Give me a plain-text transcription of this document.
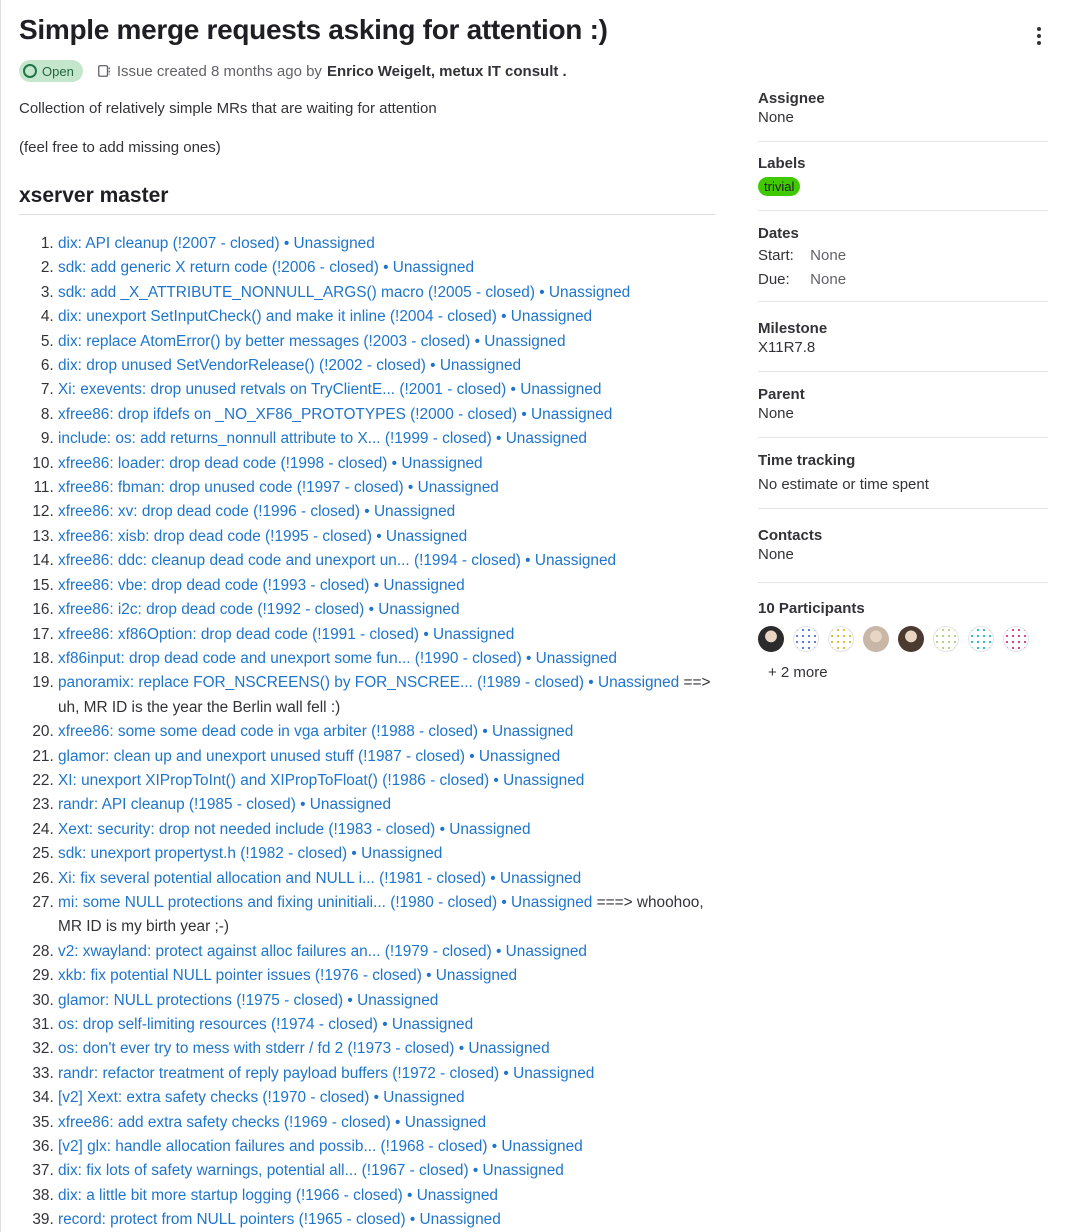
Simple merge requests asking for attention :)
Open	Issue created 8 months ago by Enrico Weigelt, metux IT consult .

Collection of relatively simple MRs that are waiting for attention

(feel free to add missing ones)

xserver master
1. dix: API cleanup (!2007 - closed) • Unassigned
2. sdk: add generic X return code (!2006 - closed) • Unassigned
3. sdk: add _X_ATTRIBUTE_NONNULL_ARGS() macro (!2005 - closed) • Unassigned
4. dix: unexport SetInputCheck() and make it inline (!2004 - closed) • Unassigned
5. dix: replace AtomError() by better messages (!2003 - closed) • Unassigned
6. dix: drop unused SetVendorRelease() (!2002 - closed) • Unassigned
7. Xi: exevents: drop unused retvals on TryClientE... (!2001 - closed) • Unassigned
8. xfree86: drop ifdefs on _NO_XF86_PROTOTYPES (!2000 - closed) • Unassigned
9. include: os: add returns_nonnull attribute to X... (!1999 - closed) • Unassigned
10. xfree86: loader: drop dead code (!1998 - closed) • Unassigned
11. xfree86: fbman: drop unused code (!1997 - closed) • Unassigned
12. xfree86: xv: drop dead code (!1996 - closed) • Unassigned
13. xfree86: xisb: drop dead code (!1995 - closed) • Unassigned
14. xfree86: ddc: cleanup dead code and unexport un... (!1994 - closed) • Unassigned
15. xfree86: vbe: drop dead code (!1993 - closed) • Unassigned
16. xfree86: i2c: drop dead code (!1992 - closed) • Unassigned
17. xfree86: xf86Option: drop dead code (!1991 - closed) • Unassigned
18. xf86input: drop dead code and unexport some fun... (!1990 - closed) • Unassigned
19. panoramix: replace FOR_NSCREENS() by FOR_NSCREE... (!1989 - closed) • Unassigned ==> uh, MR ID is the year the Berlin wall fell :)
20. xfree86: some some dead code in vga arbiter (!1988 - closed) • Unassigned
21. glamor: clean up and unexport unused stuff (!1987 - closed) • Unassigned
22. XI: unexport XIPropToInt() and XIPropToFloat() (!1986 - closed) • Unassigned
23. randr: API cleanup (!1985 - closed) • Unassigned
24. Xext: security: drop not needed include (!1983 - closed) • Unassigned
25. sdk: unexport propertyst.h (!1982 - closed) • Unassigned
26. Xi: fix several potential allocation and NULL i... (!1981 - closed) • Unassigned
27. mi: some NULL protections and fixing uninitiali... (!1980 - closed) • Unassigned ===> whoohoo, MR ID is my birth year ;-)
28. v2: xwayland: protect against alloc failures an... (!1979 - closed) • Unassigned
29. xkb: fix potential NULL pointer issues (!1976 - closed) • Unassigned
30. glamor: NULL protections (!1975 - closed) • Unassigned
31. os: drop self-limiting resources (!1974 - closed) • Unassigned
32. os: don't ever try to mess with stderr / fd 2 (!1973 - closed) • Unassigned
33. randr: refactor treatment of reply payload buffers (!1972 - closed) • Unassigned
34. [v2] Xext: extra safety checks (!1970 - closed) • Unassigned
35. xfree86: add extra safety checks (!1969 - closed) • Unassigned
36. [v2] glx: handle allocation failures and possib... (!1968 - closed) • Unassigned
37. dix: fix lots of safety warnings, potential all... (!1967 - closed) • Unassigned
38. dix: a little bit more startup logging (!1966 - closed) • Unassigned
39. record: protect from NULL pointers (!1965 - closed) • Unassigned
Assignee
None
Labels
trivial
Dates
Start: None
Due: None
Milestone
X11R7.8
Parent
None
Time tracking
No estimate or time spent
Contacts
None
10 Participants
+ 2 more
